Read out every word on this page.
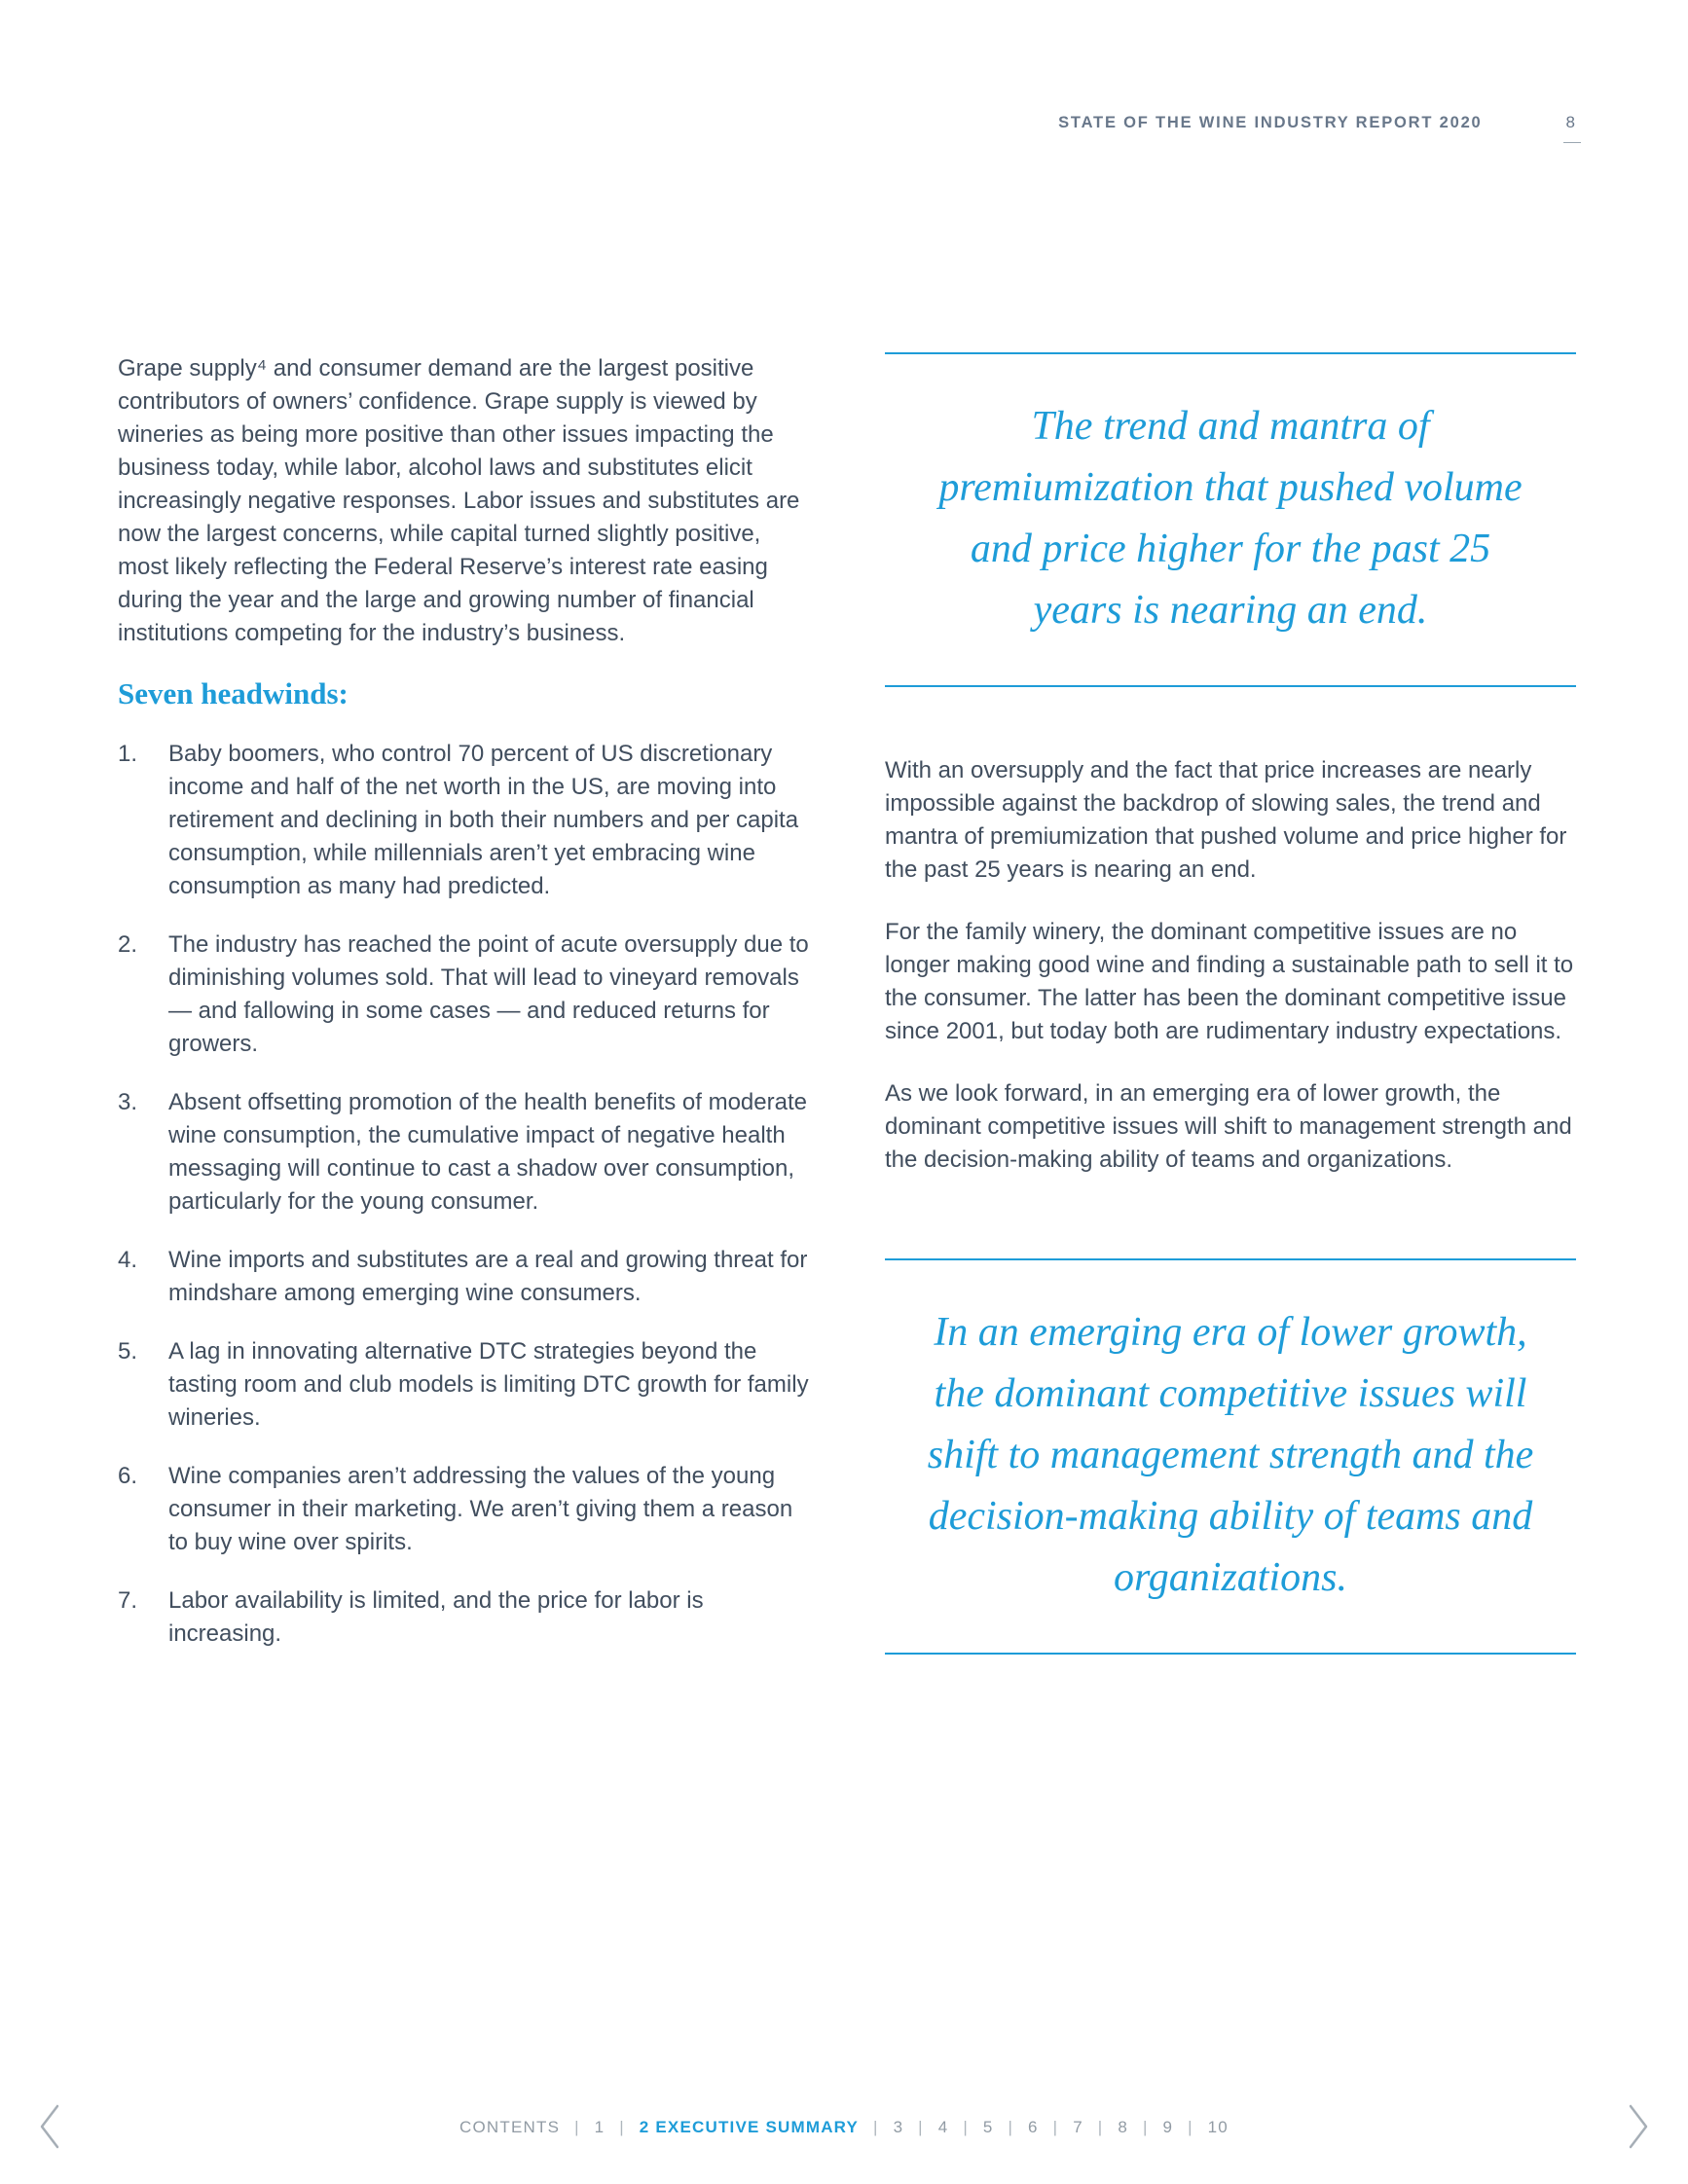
STATE OF THE WINE INDUSTRY REPORT 2020	8

Grape supply⁴ and consumer demand are the largest positive contributors of owners’ confidence. Grape supply is viewed by wineries as being more positive than other issues impacting the business today, while labor, alcohol laws and substitutes elicit increasingly negative responses. Labor issues and substitutes are now the largest concerns, while capital turned slightly positive, most likely reflecting the Federal Reserve’s interest rate easing during the year and the large and growing number of financial institutions competing for the industry’s business.

Seven headwinds:
1.	Baby boomers, who control 70 percent of US discretionary income and half of the net worth in the US, are moving into retirement and declining in both their numbers and per capita consumption, while millennials aren’t yet embracing wine consumption as many had predicted.
2.	The industry has reached the point of acute oversupply due to diminishing volumes sold. That will lead to vineyard removals — and fallowing in some cases — and reduced returns for growers.
3.	Absent offsetting promotion of the health benefits of moderate wine consumption, the cumulative impact of negative health messaging will continue to cast a shadow over consumption, particularly for the young consumer.
4.	Wine imports and substitutes are a real and growing threat for mindshare among emerging wine consumers.
5.	A lag in innovating alternative DTC strategies beyond the tasting room and club models is limiting DTC growth for family wineries.
6.	Wine companies aren’t addressing the values of the young consumer in their marketing. We aren’t giving them a reason to buy wine over spirits.
7.	Labor availability is limited, and the price for labor is increasing.

The trend and mantra of premiumization that pushed volume and price higher for the past 25 years is nearing an end.

With an oversupply and the fact that price increases are nearly impossible against the backdrop of slowing sales, the trend and mantra of premiumization that pushed volume and price higher for the past 25 years is nearing an end.

For the family winery, the dominant competitive issues are no longer making good wine and finding a sustainable path to sell it to the consumer. The latter has been the dominant competitive issue since 2001, but today both are rudimentary industry expectations.

As we look forward, in an emerging era of lower growth, the dominant competitive issues will shift to management strength and the decision-making ability of teams and organizations.

In an emerging era of lower growth, the dominant competitive issues will shift to management strength and the decision-making ability of teams and organizations.

CONTENTS | 1 | 2 EXECUTIVE SUMMARY | 3 | 4 | 5 | 6 | 7 | 8 | 9 | 10
